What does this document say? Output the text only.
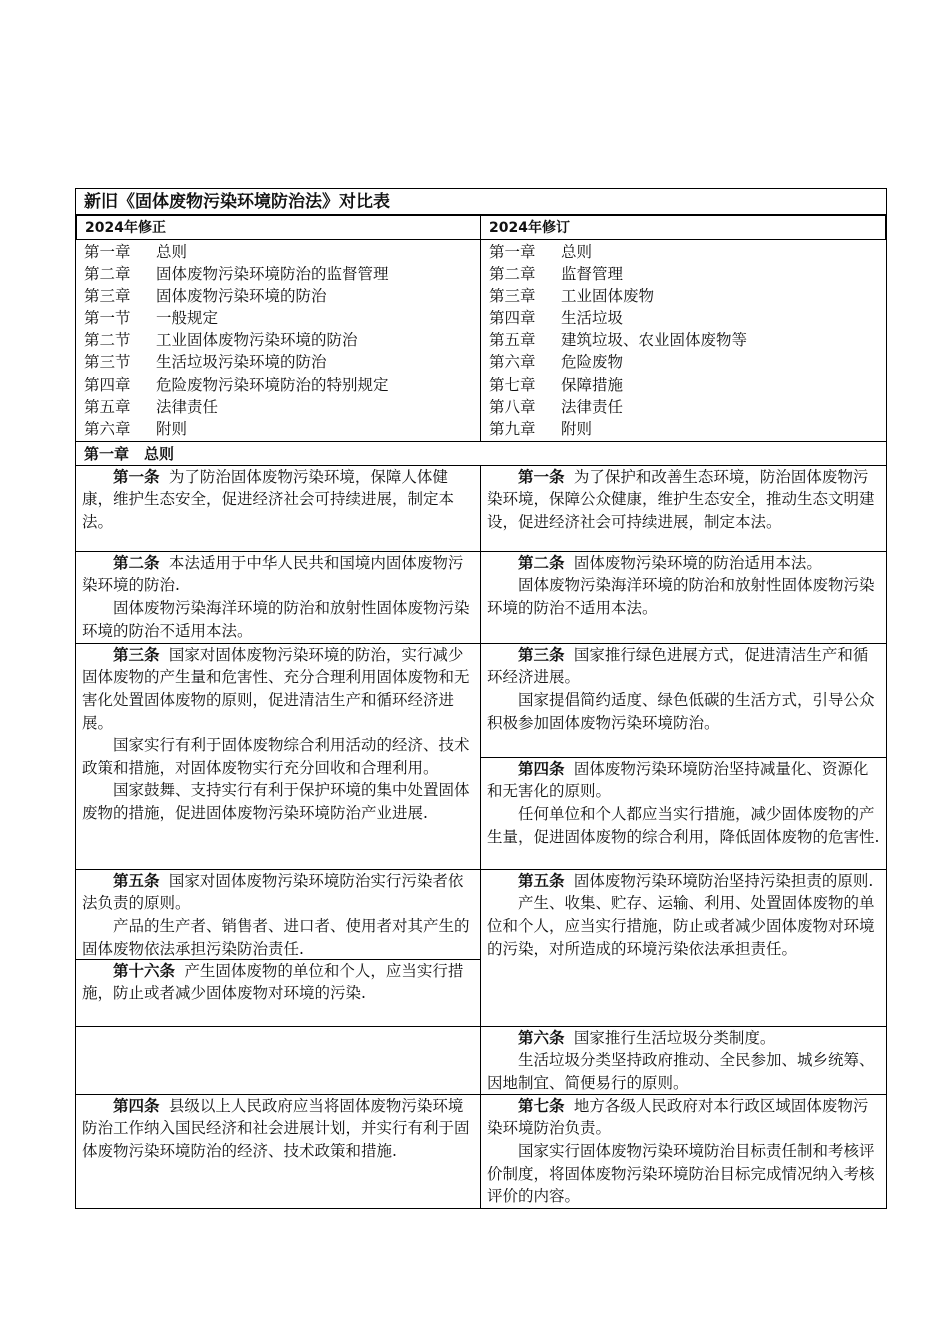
新旧《固体废物污染环境防治法》对比表
2024年修正	2024年修订
第一章 总则
第二章 固体废物污染环境防治的监督管理
第三章 固体废物污染环境的防治
第一节 一般规定
第二节 工业固体废物污染环境的防治
第三节 生活垃圾污染环境的防治
第四章 危险废物污染环境防治的特别规定
第五章 法律责任
第六章 附则
第一章 总则
第二章 监督管理
第三章 工业固体废物
第四章 生活垃圾
第五章 建筑垃圾、农业固体废物等
第六章 危险废物
第七章 保障措施
第八章 法律责任
第九章 附则
第一章　总则

第一条 为了防治固体废物污染环境，保障人体健康，维护生态安全，促进经济社会可持续进展，制定本法。

第一条 为了保护和改善生态环境，防治固体废物污染环境，保障公众健康，维护生态安全，推动生态文明建设，促进经济社会可持续进展，制定本法。

第二条 本法适用于中华人民共和国境内固体废物污染环境的防治.

固体废物污染海洋环境的防治和放射性固体废物污染环境的防治不适用本法。

第二条 固体废物污染环境的防治适用本法。

固体废物污染海洋环境的防治和放射性固体废物污染环境的防治不适用本法。

第三条 国家对固体废物污染环境的防治，实行减少固体废物的产生量和危害性、充分合理利用固体废物和无害化处置固体废物的原则，促进清洁生产和循环经济进展。

国家实行有利于固体废物综合利用活动的经济、技术政策和措施，对固体废物实行充分回收和合理利用。

国家鼓舞、支持实行有利于保护环境的集中处置固体废物的措施，促进固体废物污染环境防治产业进展.

第三条 国家推行绿色进展方式，促进清洁生产和循环经济进展。

国家提倡简约适度、绿色低碳的生活方式，引导公众积极参加固体废物污染环境防治。

第四条 固体废物污染环境防治坚持减量化、资源化和无害化的原则。

任何单位和个人都应当实行措施，减少固体废物的产生量，促进固体废物的综合利用，降低固体废物的危害性.

第五条 国家对固体废物污染环境防治实行污染者依法负责的原则。

产品的生产者、销售者、进口者、使用者对其产生的固体废物依法承担污染防治责任.

第十六条 产生固体废物的单位和个人，应当实行措施，防止或者减少固体废物对环境的污染.

第五条 固体废物污染环境防治坚持污染担责的原则.

产生、收集、贮存、运输、利用、处置固体废物的单位和个人，应当实行措施，防止或者减少固体废物对环境的污染，对所造成的环境污染依法承担责任。

第六条 国家推行生活垃圾分类制度。

生活垃圾分类坚持政府推动、全民参加、城乡统筹、因地制宜、简便易行的原则。

第四条 县级以上人民政府应当将固体废物污染环境防治工作纳入国民经济和社会进展计划，并实行有利于固体废物污染环境防治的经济、技术政策和措施.

第七条 地方各级人民政府对本行政区域固体废物污染环境防治负责。

国家实行固体废物污染环境防治目标责任制和考核评价制度，将固体废物污染环境防治目标完成情况纳入考核评价的内容。
